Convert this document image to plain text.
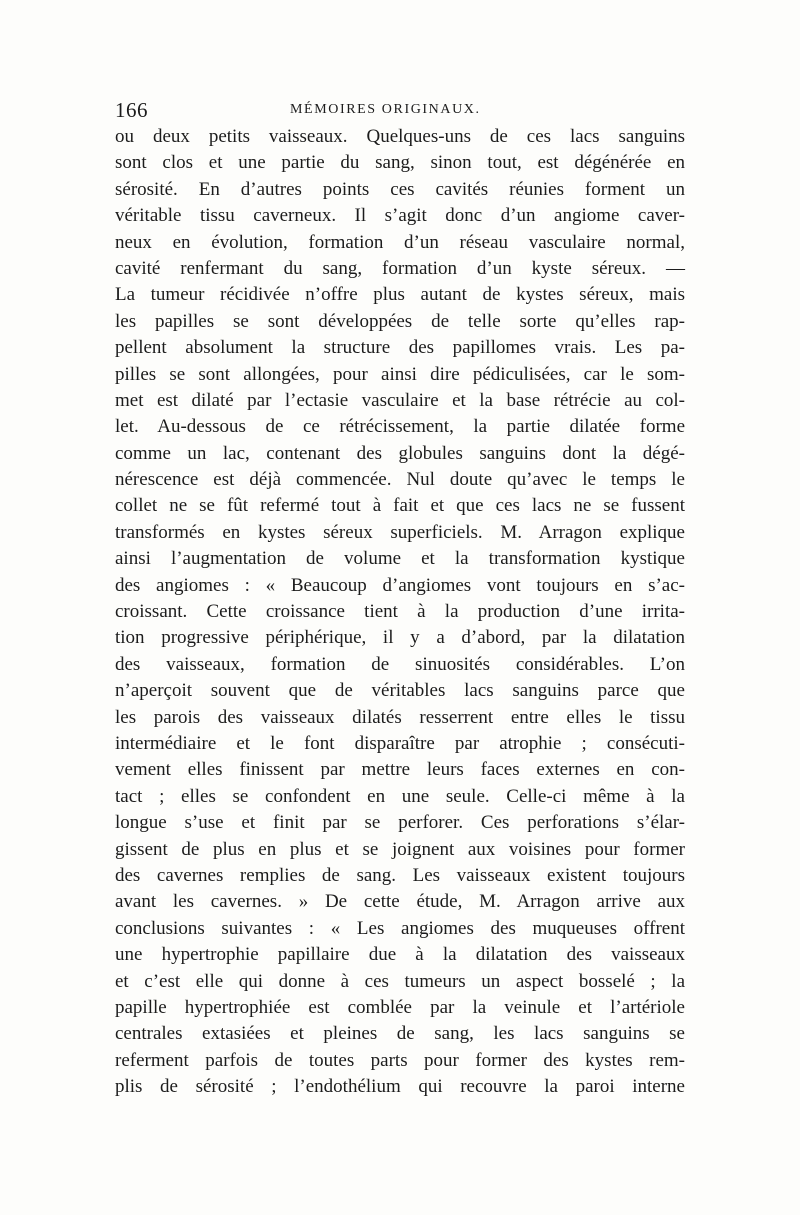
166	MÉMOIRES ORIGINAUX.
ou deux petits vaisseaux. Quelques-uns de ces lacs sanguins
sont clos et une partie du sang, sinon tout, est dégénérée en
sérosité. En d’autres points ces cavités réunies forment un
véritable tissu caverneux. Il s’agit donc d’un angiome caver-
neux en évolution, formation d’un réseau vasculaire normal,
cavité renfermant du sang, formation d’un kyste séreux. —
La tumeur récidivée n’offre plus autant de kystes séreux, mais
les papilles se sont développées de telle sorte qu’elles rap-
pellent absolument la structure des papillomes vrais. Les pa-
pilles se sont allongées, pour ainsi dire pédiculisées, car le som-
met est dilaté par l’ectasie vasculaire et la base rétrécie au col-
let. Au-dessous de ce rétrécissement, la partie dilatée forme
comme un lac, contenant des globules sanguins dont la dégé-
nérescence est déjà commencée. Nul doute qu’avec le temps le
collet ne se fût refermé tout à fait et que ces lacs ne se fussent
transformés en kystes séreux superficiels. M. Arragon explique
ainsi l’augmentation de volume et la transformation kystique
des angiomes : « Beaucoup d’angiomes vont toujours en s’ac-
croissant. Cette croissance tient à la production d’une irrita-
tion progressive périphérique, il y a d’abord, par la dilatation
des vaisseaux, formation de sinuosités considérables. L’on
n’aperçoit souvent que de véritables lacs sanguins parce que
les parois des vaisseaux dilatés resserrent entre elles le tissu
intermédiaire et le font disparaître par atrophie ; consécuti-
vement elles finissent par mettre leurs faces externes en con-
tact ; elles se confondent en une seule. Celle-ci même à la
longue s’use et finit par se perforer. Ces perforations s’élar-
gissent de plus en plus et se joignent aux voisines pour former
des cavernes remplies de sang. Les vaisseaux existent toujours
avant les cavernes. » De cette étude, M. Arragon arrive aux
conclusions suivantes : « Les angiomes des muqueuses offrent
une hypertrophie papillaire due à la dilatation des vaisseaux
et c’est elle qui donne à ces tumeurs un aspect bosselé ; la
papille hypertrophiée est comblée par la veinule et l’artériole
centrales extasiées et pleines de sang, les lacs sanguins se
referment parfois de toutes parts pour former des kystes rem-
plis de sérosité ; l’endothélium qui recouvre la paroi interne
